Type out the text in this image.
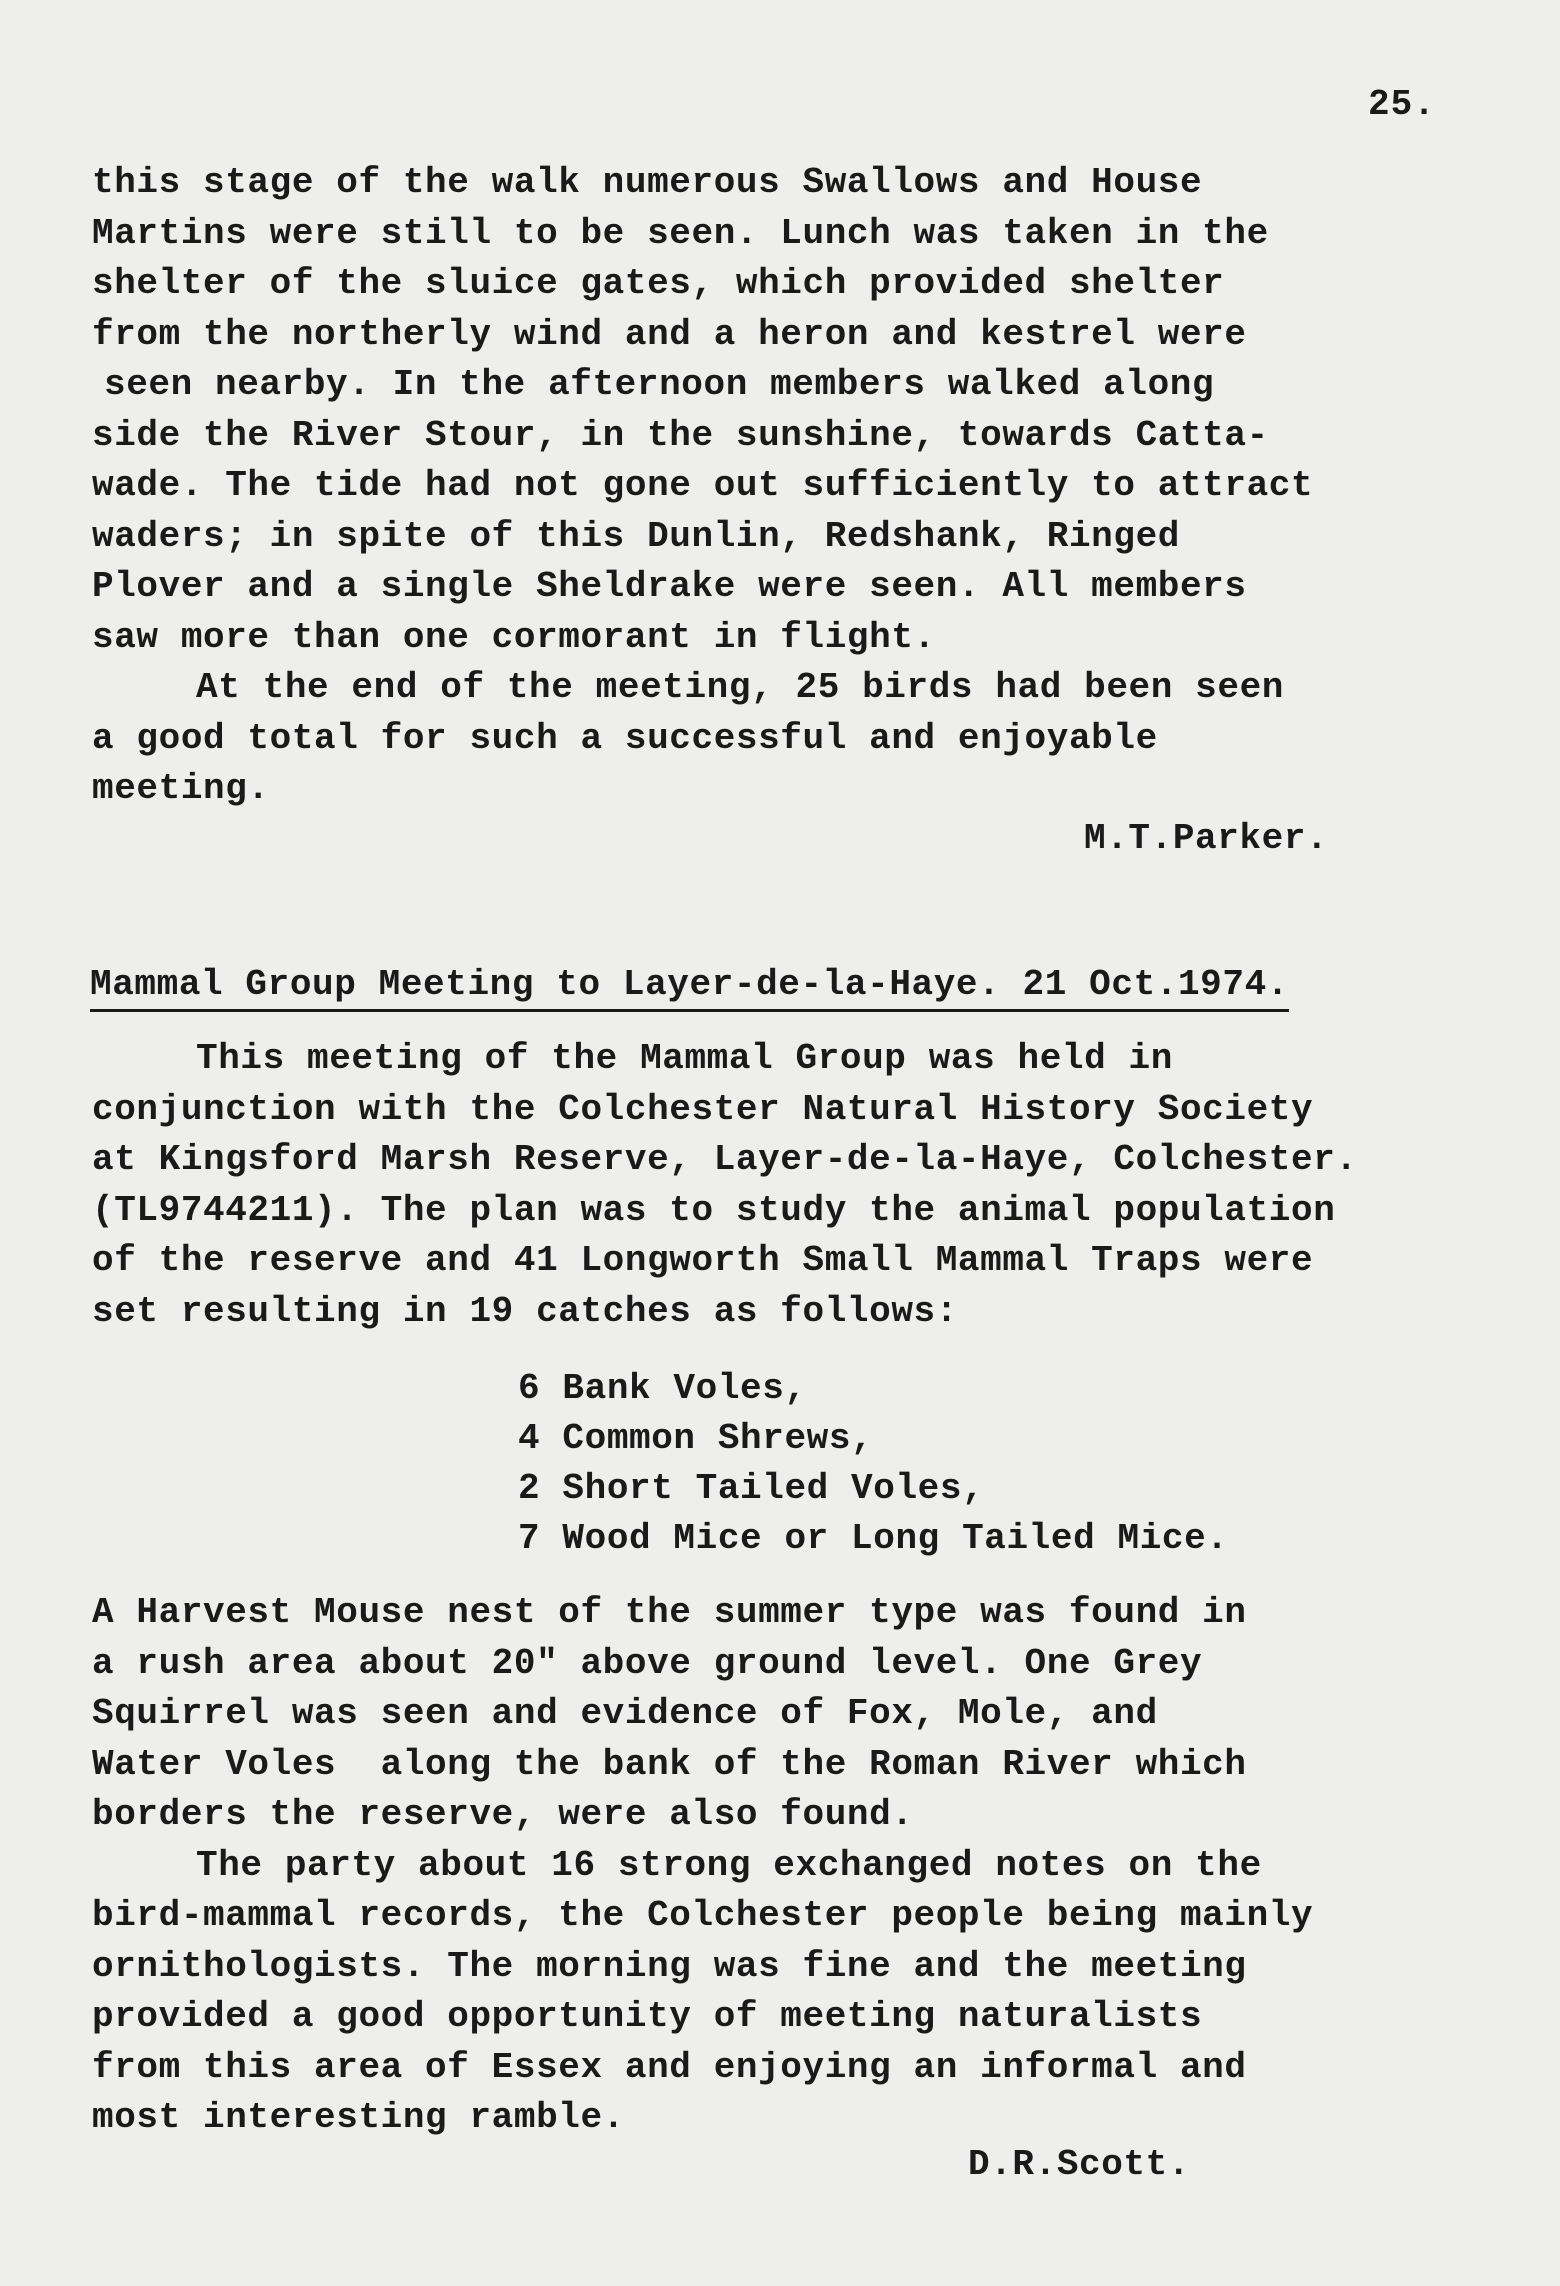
25.
this stage of the walk numerous Swallows and House
Martins were still to be seen. Lunch was taken in the
shelter of the sluice gates, which provided shelter
from the northerly wind and a heron and kestrel were
seen nearby. In the afternoon members walked along
side the River Stour, in the sunshine, towards Catta-
wade. The tide had not gone out sufficiently to attract
waders; in spite of this Dunlin, Redshank, Ringed
Plover and a single Sheldrake were seen. All members
saw more than one cormorant in flight.
At the end of the meeting, 25 birds had been seen
a good total for such a successful and enjoyable
meeting.
M.T.Parker.
Mammal Group Meeting to Layer-de-la-Haye. 21 Oct.1974.
This meeting of the Mammal Group was held in
conjunction with the Colchester Natural History Society
at Kingsford Marsh Reserve, Layer-de-la-Haye, Colchester.
(TL9744211). The plan was to study the animal population
of the reserve and 41 Longworth Small Mammal Traps were
set resulting in 19 catches as follows:
6 Bank Voles,
4 Common Shrews,
2 Short Tailed Voles,
7 Wood Mice or Long Tailed Mice.
A Harvest Mouse nest of the summer type was found in
a rush area about 20" above ground level. One Grey
Squirrel was seen and evidence of Fox, Mole, and
Water Voles  along the bank of the Roman River which
borders the reserve, were also found.
The party about 16 strong exchanged notes on the
bird-mammal records, the Colchester people being mainly
ornithologists. The morning was fine and the meeting
provided a good opportunity of meeting naturalists
from this area of Essex and enjoying an informal and
most interesting ramble.
D.R.Scott.
